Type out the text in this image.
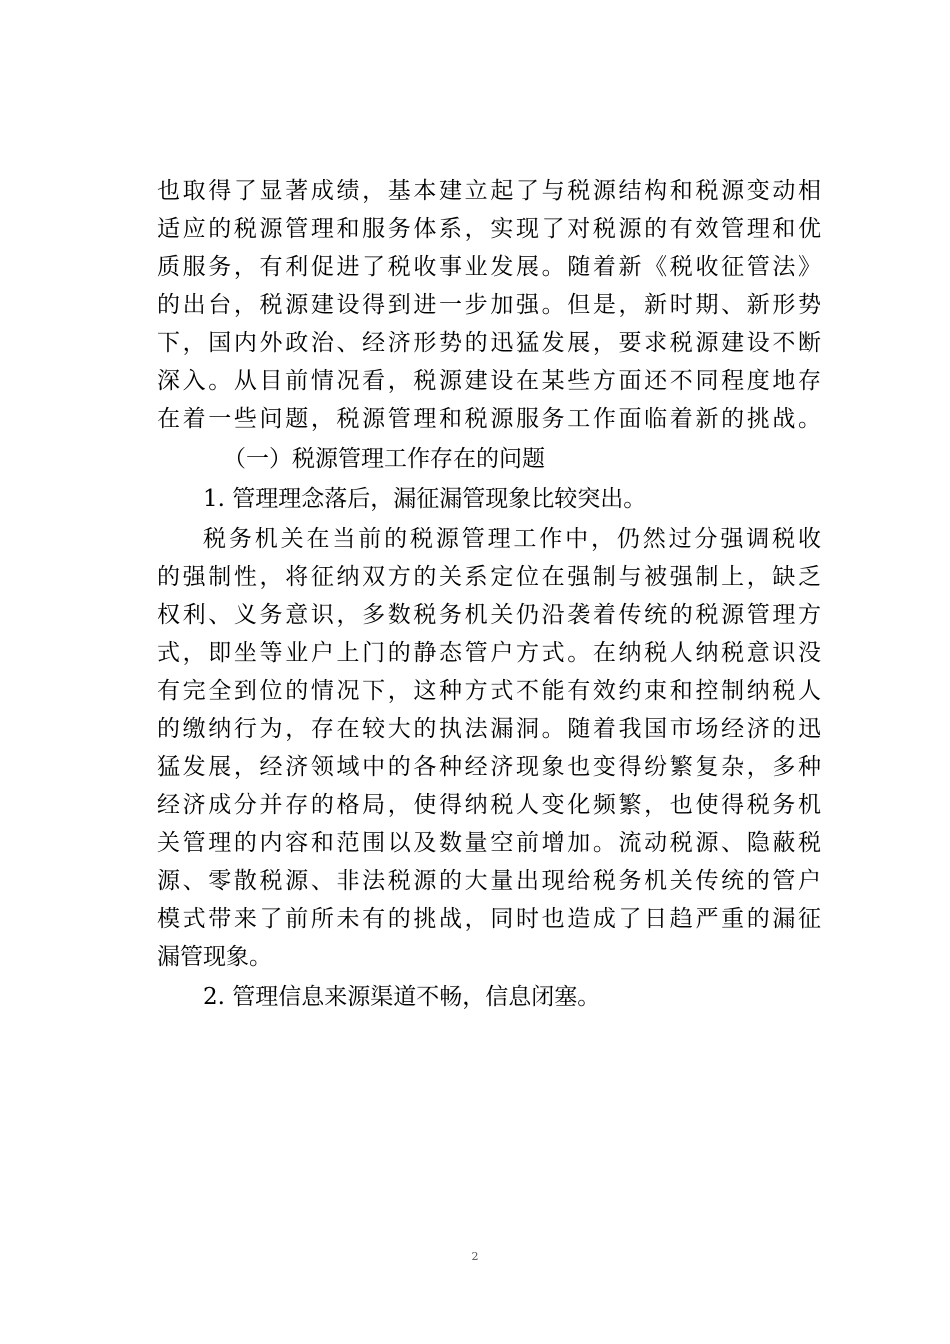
也取得了显著成绩，基本建立起了与税源结构和税源变动相
适应的税源管理和服务体系，实现了对税源的有效管理和优
质服务，有利促进了税收事业发展。随着新《税收征管法》
的出台，税源建设得到进一步加强。但是，新时期、新形势
下，国内外政治、经济形势的迅猛发展，要求税源建设不断
深入。从目前情况看，税源建设在某些方面还不同程度地存
在着一些问题，税源管理和税源服务工作面临着新的挑战。
（一）税源管理工作存在的问题
1. 管理理念落后，漏征漏管现象比较突出。
税务机关在当前的税源管理工作中，仍然过分强调税收
的强制性，将征纳双方的关系定位在强制与被强制上，缺乏
权利、义务意识，多数税务机关仍沿袭着传统的税源管理方
式，即坐等业户上门的静态管户方式。在纳税人纳税意识没
有完全到位的情况下，这种方式不能有效约束和控制纳税人
的缴纳行为，存在较大的执法漏洞。随着我国市场经济的迅
猛发展，经济领域中的各种经济现象也变得纷繁复杂，多种
经济成分并存的格局，使得纳税人变化频繁，也使得税务机
关管理的内容和范围以及数量空前增加。流动税源、隐蔽税
源、零散税源、非法税源的大量出现给税务机关传统的管户
模式带来了前所未有的挑战，同时也造成了日趋严重的漏征
漏管现象。
2. 管理信息来源渠道不畅，信息闭塞。
2
